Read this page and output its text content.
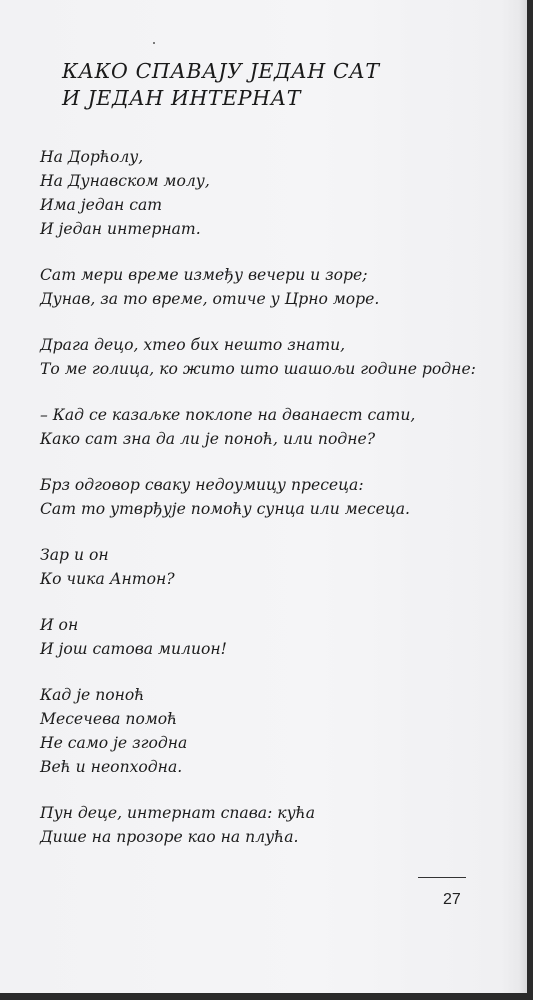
КАКО СПАВАЈУ ЈЕДАН САТ
И ЈЕДАН ИНТЕРНАТ

На Дорћолу,
На Дунавском молу,
Има један сат
И један интернат.

Сат мери време између вечери и зоре;
Дунав, за то време, отиче у Црно море.

Драга децо, хтео бих нешто знати,
То ме голица, ко жито што шашољи године родне:

– Кад се казаљке поклопе на дванаест сати,
Како сат зна да ли је поноћ, или подне?

Брз одговор сваку недоумицу пресеца:
Сат то утврђује помоћу сунца или месеца.

Зар и он
Ко чика Антон?

И он
И још сатова милион!

Кад је поноћ
Месечева помоћ
Не само је згодна
Већ и неопходна.

Пун деце, интернат спава: кућа
Дише на прозоре као на плућа.

27
